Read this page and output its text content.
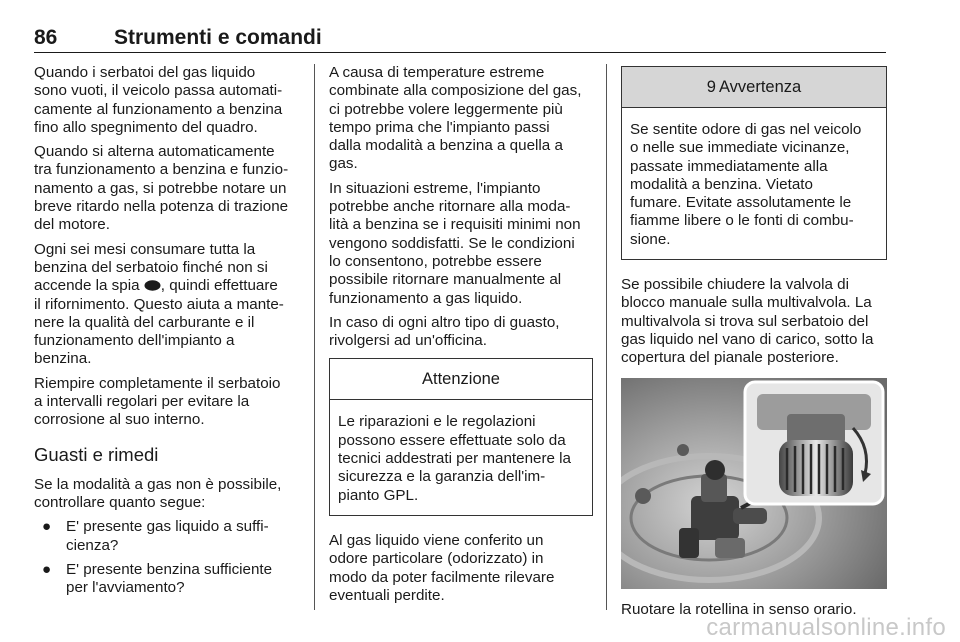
86	Strumenti e comandi

Quando i serbatoi del gas liquido
sono vuoti, il veicolo passa automati-
camente al funzionamento a benzina
fino allo spegnimento del quadro.

Quando si alterna automaticamente
tra funzionamento a benzina e funzio-
namento a gas, si potrebbe notare un
breve ritardo nella potenza di trazione
del motore.

Ogni sei mesi consumare tutta la
benzina del serbatoio finché non si
accende la spia , quindi effettuare
il rifornimento. Questo aiuta a mante-
nere la qualità del carburante e il
funzionamento dell'impianto a
benzina.

Riempire completamente il serbatoio
a intervalli regolari per evitare la
corrosione al suo interno.

Guasti e rimedi

Se la modalità a gas non è possibile,
controllare quanto segue:

● E' presente gas liquido a suffi-
cienza?
● E' presente benzina sufficiente
per l'avviamento?

A causa di temperature estreme
combinate alla composizione del gas,
ci potrebbe volere leggermente più
tempo prima che l'impianto passi
dalla modalità a benzina a quella a
gas.

In situazioni estreme, l'impianto
potrebbe anche ritornare alla moda-
lità a benzina se i requisiti minimi non
vengono soddisfatti. Se le condizioni
lo consentono, potrebbe essere
possibile ritornare manualmente al
funzionamento a gas liquido.

In caso di ogni altro tipo di guasto,
rivolgersi ad un'officina.

Attenzione
Le riparazioni e le regolazioni
possono essere effettuate solo da
tecnici addestrati per mantenere la
sicurezza e la garanzia dell'im-
pianto GPL.

Al gas liquido viene conferito un
odore particolare (odorizzato) in
modo da poter facilmente rilevare
eventuali perdite.

9 Avvertenza
Se sentite odore di gas nel veicolo
o nelle sue immediate vicinanze,
passate immediatamente alla
modalità a benzina. Vietato
fumare. Evitate assolutamente le
fiamme libere o le fonti di combu-
sione.

Se possibile chiudere la valvola di
blocco manuale sulla multivalvola. La
multivalvola si trova sul serbatoio del
gas liquido nel vano di carico, sotto la
copertura del pianale posteriore.

Ruotare la rotellina in senso orario.

carmanualsonline.info
